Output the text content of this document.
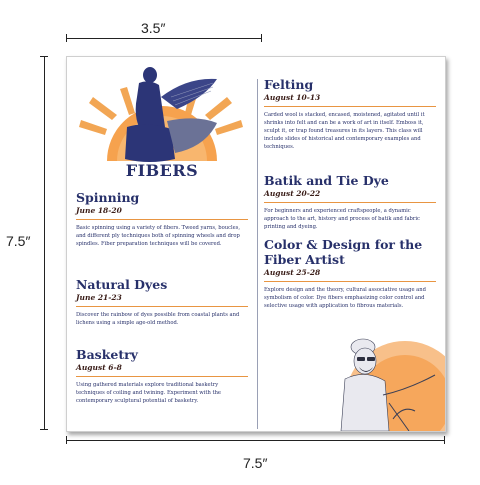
3.5″
7.5″
7.5″
FIBERS
Spinning
June 18-20
Basic spinning using a variety of fibers. Tweed yarns, boucles, and different ply techniques both of spinning wheels and drop spindles. Fiber preparation techniques will be covered.
Natural Dyes
June 21-23
Discover the rainbow of dyes possible from coastal plants and lichens using a simple age-old method.
Basketry
August 6-8
Using gathered materials explore traditional basketry techniques of coiling and twining. Experiment with the contemporary sculptural potential of basketry.
Felting
August 10-13
Carded wool is stacked, encased, moistened, agitated until it shrinks into felt and can be a work of art in itself. Emboss it, sculpt it, or trap found treasures in its layers. This class will include slides of historical and contemporary examples and techniques.
Batik and Tie Dye
August 20-22
For beginners and experienced craftspeople, a dynamic approach to the art, history and process of batik and fabric printing and dyeing.
Color & Design for the Fiber Artist
August 25-28
Explore design and the theory, cultural associative usage and symbolism of color. Dye fibers emphasizing color control and selective usage with application to fibrous materials.
